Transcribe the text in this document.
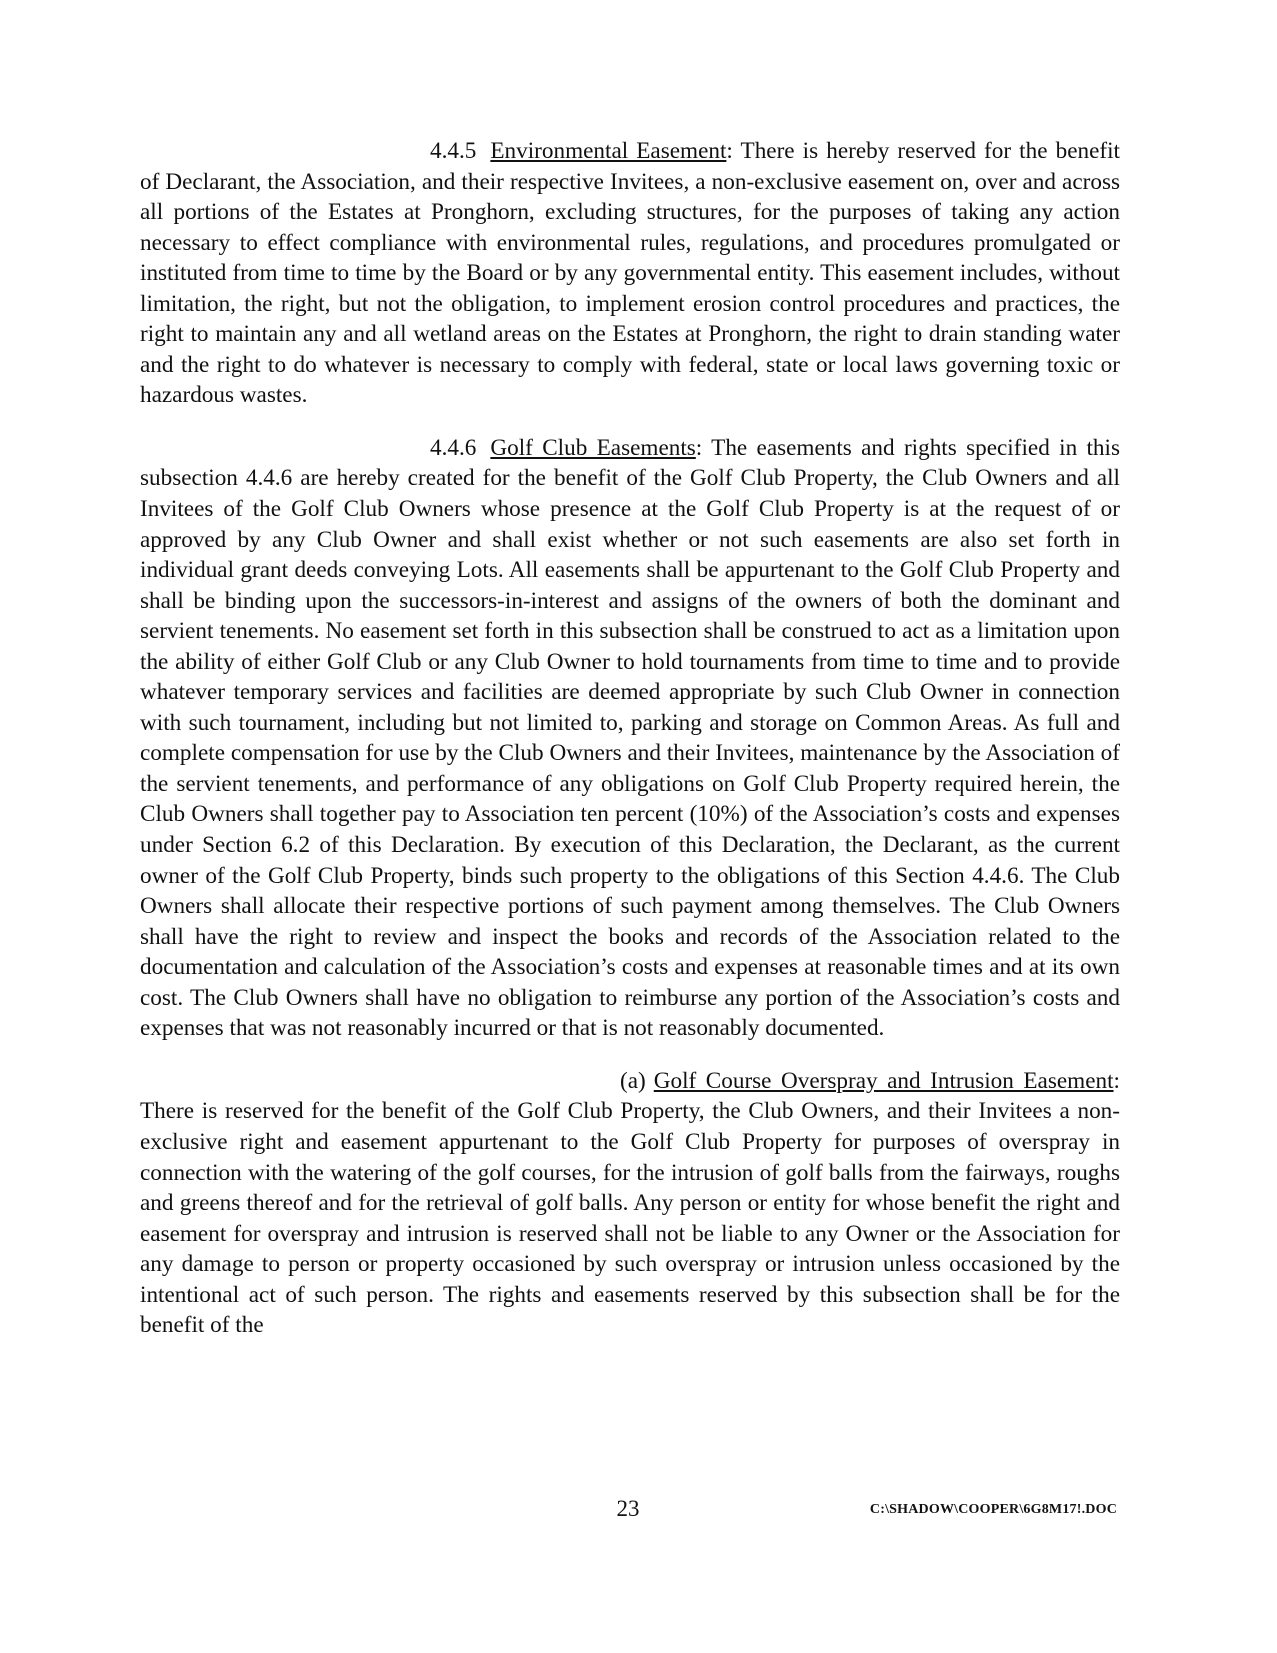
4.4.5 Environmental Easement: There is hereby reserved for the benefit of Declarant, the Association, and their respective Invitees, a non-exclusive easement on, over and across all portions of the Estates at Pronghorn, excluding structures, for the purposes of taking any action necessary to effect compliance with environmental rules, regulations, and procedures promulgated or instituted from time to time by the Board or by any governmental entity. This easement includes, without limitation, the right, but not the obligation, to implement erosion control procedures and practices, the right to maintain any and all wetland areas on the Estates at Pronghorn, the right to drain standing water and the right to do whatever is necessary to comply with federal, state or local laws governing toxic or hazardous wastes.

4.4.6 Golf Club Easements: The easements and rights specified in this subsection 4.4.6 are hereby created for the benefit of the Golf Club Property, the Club Owners and all Invitees of the Golf Club Owners whose presence at the Golf Club Property is at the request of or approved by any Club Owner and shall exist whether or not such easements are also set forth in individual grant deeds conveying Lots. All easements shall be appurtenant to the Golf Club Property and shall be binding upon the successors-in-interest and assigns of the owners of both the dominant and servient tenements. No easement set forth in this subsection shall be construed to act as a limitation upon the ability of either Golf Club or any Club Owner to hold tournaments from time to time and to provide whatever temporary services and facilities are deemed appropriate by such Club Owner in connection with such tournament, including but not limited to, parking and storage on Common Areas. As full and complete compensation for use by the Club Owners and their Invitees, maintenance by the Association of the servient tenements, and performance of any obligations on Golf Club Property required herein, the Club Owners shall together pay to Association ten percent (10%) of the Association’s costs and expenses under Section 6.2 of this Declaration. By execution of this Declaration, the Declarant, as the current owner of the Golf Club Property, binds such property to the obligations of this Section 4.4.6. The Club Owners shall allocate their respective portions of such payment among themselves. The Club Owners shall have the right to review and inspect the books and records of the Association related to the documentation and calculation of the Association’s costs and expenses at reasonable times and at its own cost. The Club Owners shall have no obligation to reimburse any portion of the Association’s costs and expenses that was not reasonably incurred or that is not reasonably documented.

(a) Golf Course Overspray and Intrusion Easement: There is reserved for the benefit of the Golf Club Property, the Club Owners, and their Invitees a non-exclusive right and easement appurtenant to the Golf Club Property for purposes of overspray in connection with the watering of the golf courses, for the intrusion of golf balls from the fairways, roughs and greens thereof and for the retrieval of golf balls. Any person or entity for whose benefit the right and easement for overspray and intrusion is reserved shall not be liable to any Owner or the Association for any damage to person or property occasioned by such overspray or intrusion unless occasioned by the intentional act of such person. The rights and easements reserved by this subsection shall be for the benefit of the

23	C:\SHADOW\COOPER\6G8M17!.DOC
